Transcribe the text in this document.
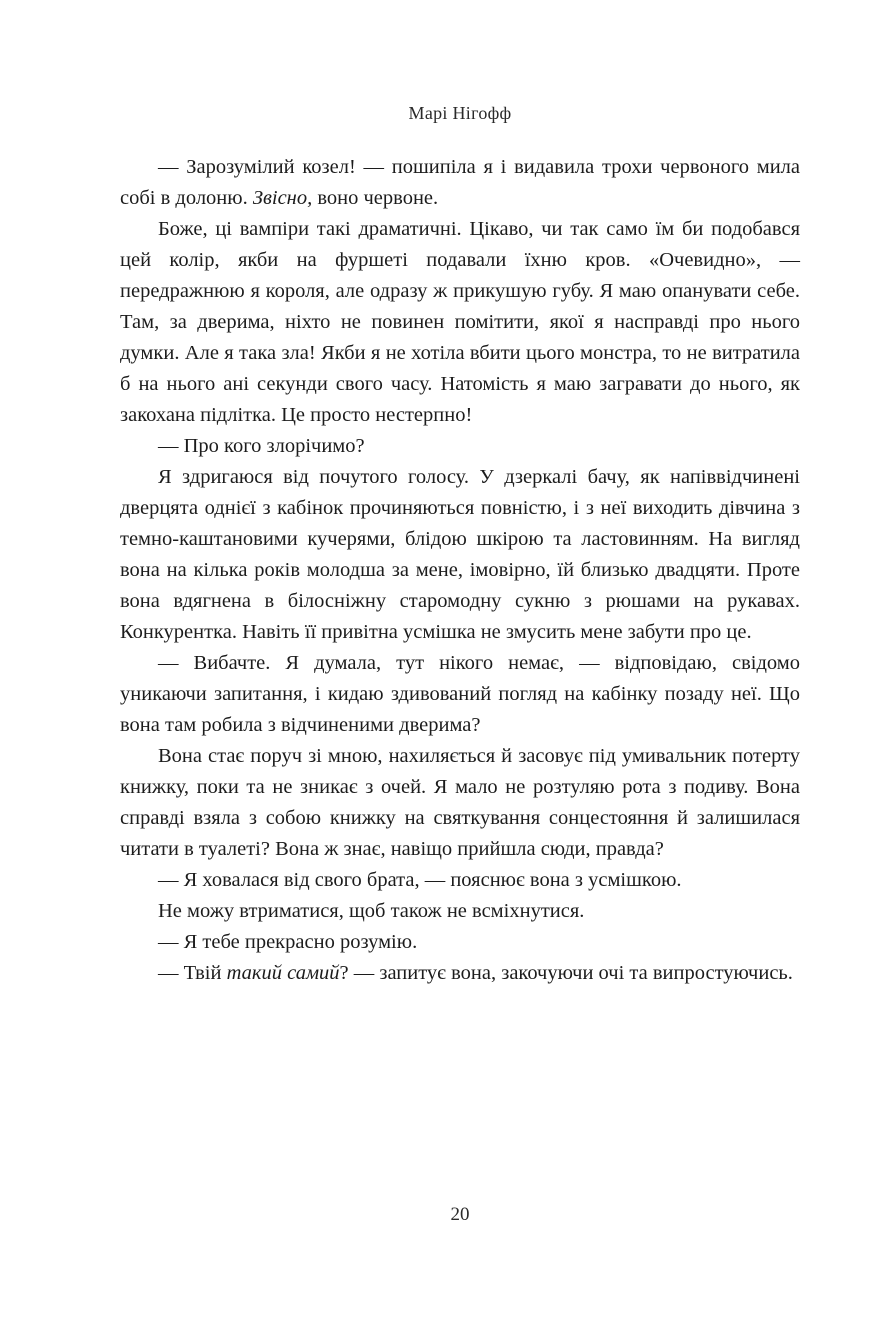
Марі Нігофф

— Зарозумілий козел! — пошипіла я і видавила трохи червоного мила собі в долоню. Звісно, воно червоне.

Боже, ці вампіри такі драматичні. Цікаво, чи так само їм би подобався цей колір, якби на фуршеті подавали їхню кров. «Очевидно», — передражнюю я короля, але одразу ж прикушую губу. Я маю опанувати себе. Там, за дверима, ніхто не повинен помітити, якої я насправді про нього думки. Але я така зла! Якби я не хотіла вбити цього монстра, то не витратила б на нього ані секунди свого часу. Натомість я маю загравати до нього, як закохана підлітка. Це просто нестерпно!

— Про кого злорічимо?

Я здригаюся від почутого голосу. У дзеркалі бачу, як напіввідчинені дверцята однієї з кабінок прочиняються повністю, і з неї виходить дівчина з темно-каштановими кучерями, блідою шкірою та ластовинням. На вигляд вона на кілька років молодша за мене, імовірно, їй близько двадцяти. Проте вона вдягнена в білосніжну старомодну сукню з рюшами на рукавах. Конкурентка. Навіть її привітна усмішка не змусить мене забути про це.

— Вибачте. Я думала, тут нікого немає, — відповідаю, свідомо уникаючи запитання, і кидаю здивований погляд на кабінку позаду неї. Що вона там робила з відчиненими дверима?

Вона стає поруч зі мною, нахиляється й засовує під умивальник потерту книжку, поки та не зникає з очей. Я мало не розтуляю рота з подиву. Вона справді взяла з собою книжку на святкування сонцестояння й залишилася читати в туалеті? Вона ж знає, навіщо прийшла сюди, правда?

— Я ховалася від свого брата, — пояснює вона з усмішкою.

Не можу втриматися, щоб також не всміхнутися.

— Я тебе прекрасно розумію.

— Твій такий самий? — запитує вона, закочуючи очі та випростуючись.

20
